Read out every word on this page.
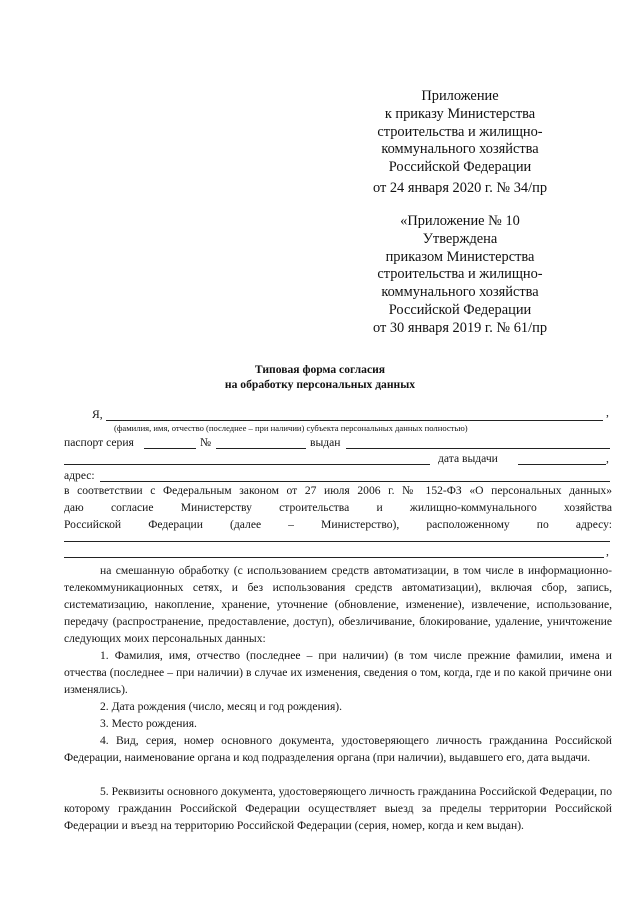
Приложение
к приказу Министерства
строительства и жилищно-
коммунального хозяйства
Российской Федерации
от 24 января 2020 г. № 34/пр
«Приложение № 10
Утверждена
приказом Министерства
строительства и жилищно-
коммунального хозяйства
Российской Федерации
от 30 января 2019 г. № 61/пр
Типовая форма согласия
на обработку персональных данных
Я,	,
(фамилия, имя, отчество (последнее – при наличии) субъекта персональных данных полностью)
паспорт серия	№	выдан
дата выдачи	,
адрес:
в соответствии с Федеральным законом от 27 июля 2006 г. № 152-ФЗ «О персональных данных»
даю согласие Министерству строительства и жилищно-коммунального хозяйства
Российской Федерации (далее – Министерство), расположенному по адресу:
,
на смешанную обработку (с использованием средств автоматизации, в том числе в информационно-телекоммуникационных сетях, и без использования средств автоматизации), включая сбор, запись, систематизацию, накопление, хранение, уточнение (обновление, изменение), извлечение, использование, передачу (распространение, предоставление, доступ), обезличивание, блокирование, удаление, уничтожение следующих моих персональных данных:
1. Фамилия, имя, отчество (последнее – при наличии) (в том числе прежние фамилии, имена и отчества (последнее – при наличии) в случае их изменения, сведения о том, когда, где и по какой причине они изменялись).
2. Дата рождения (число, месяц и год рождения).
3. Место рождения.
4. Вид, серия, номер основного документа, удостоверяющего личность гражданина Российской Федерации, наименование органа и код подразделения органа (при наличии), выдавшего его, дата выдачи.
5. Реквизиты основного документа, удостоверяющего личность гражданина Российской Федерации, по которому гражданин Российской Федерации осуществляет выезд за пределы территории Российской Федерации и въезд на территорию Российской Федерации (серия, номер, когда и кем выдан).
